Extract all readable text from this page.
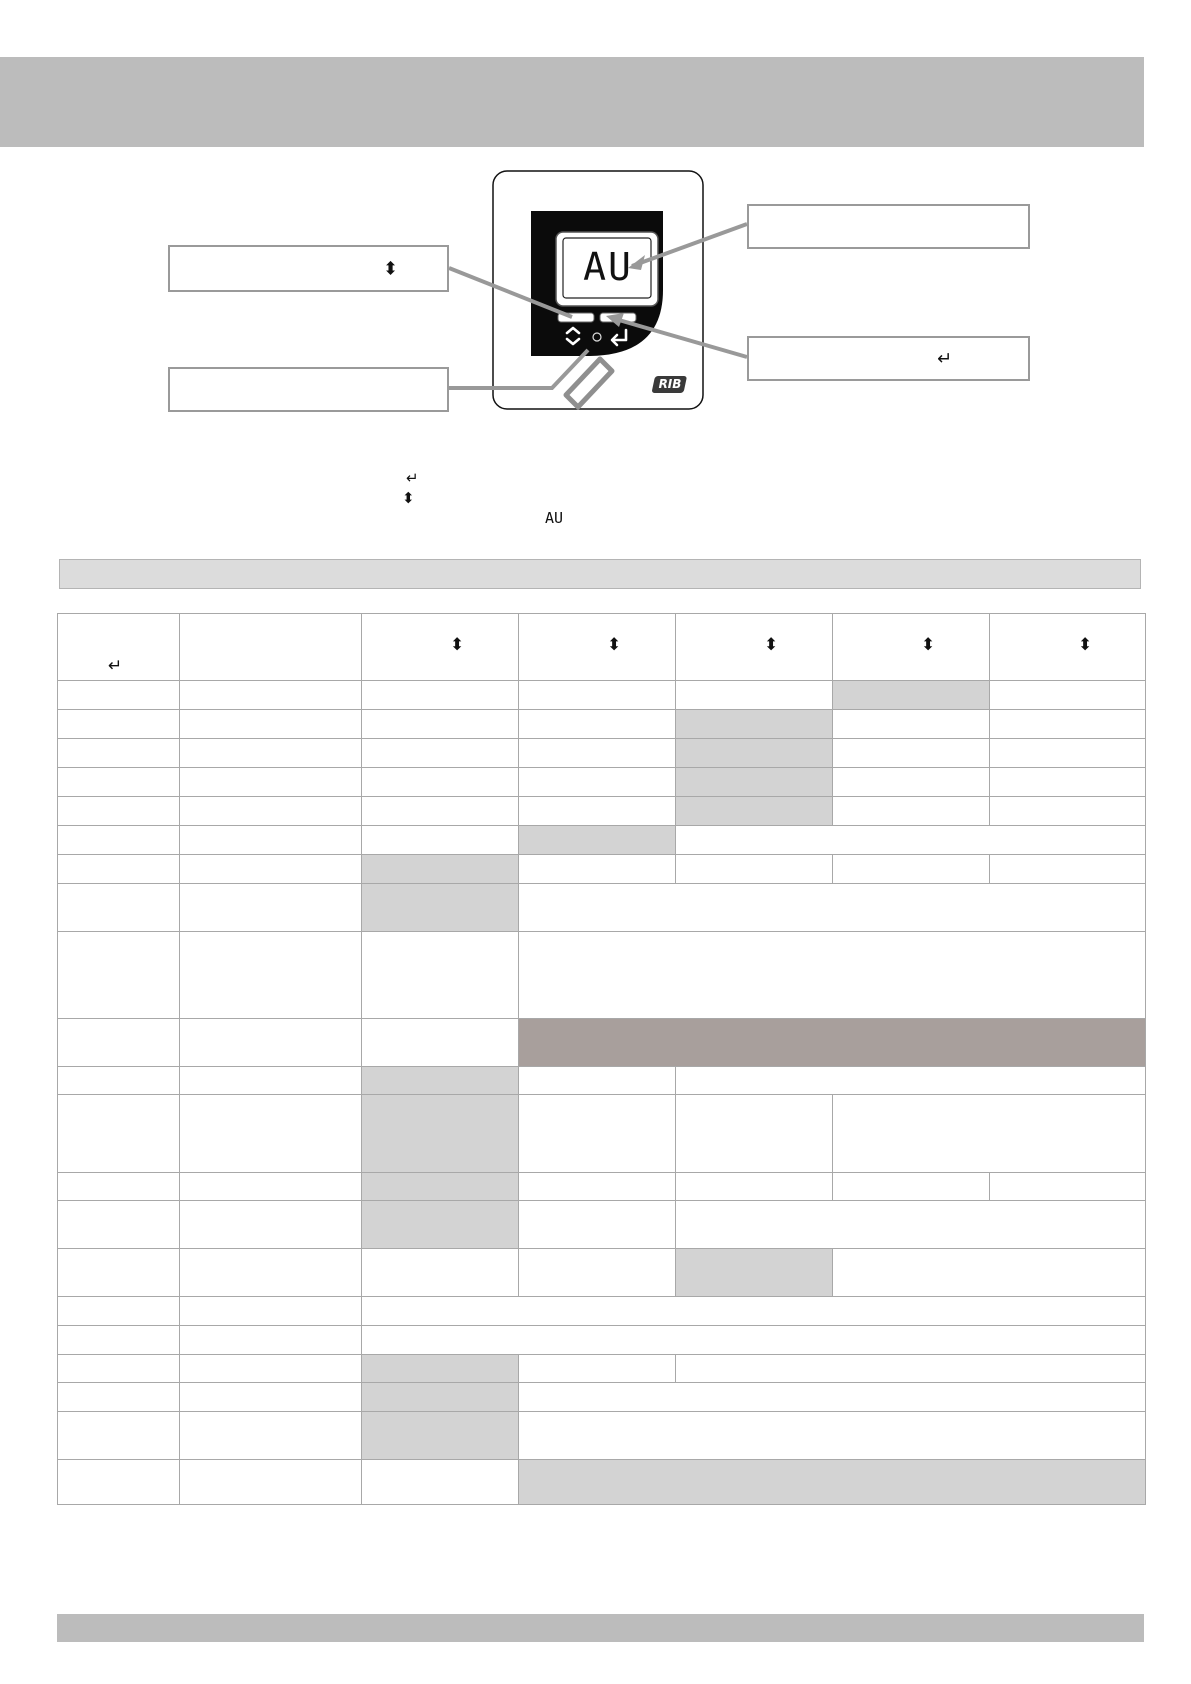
AU
RIB
⬍
↵
↵
⬍
AU
↵		⬍	⬍	⬍	⬍	⬍
